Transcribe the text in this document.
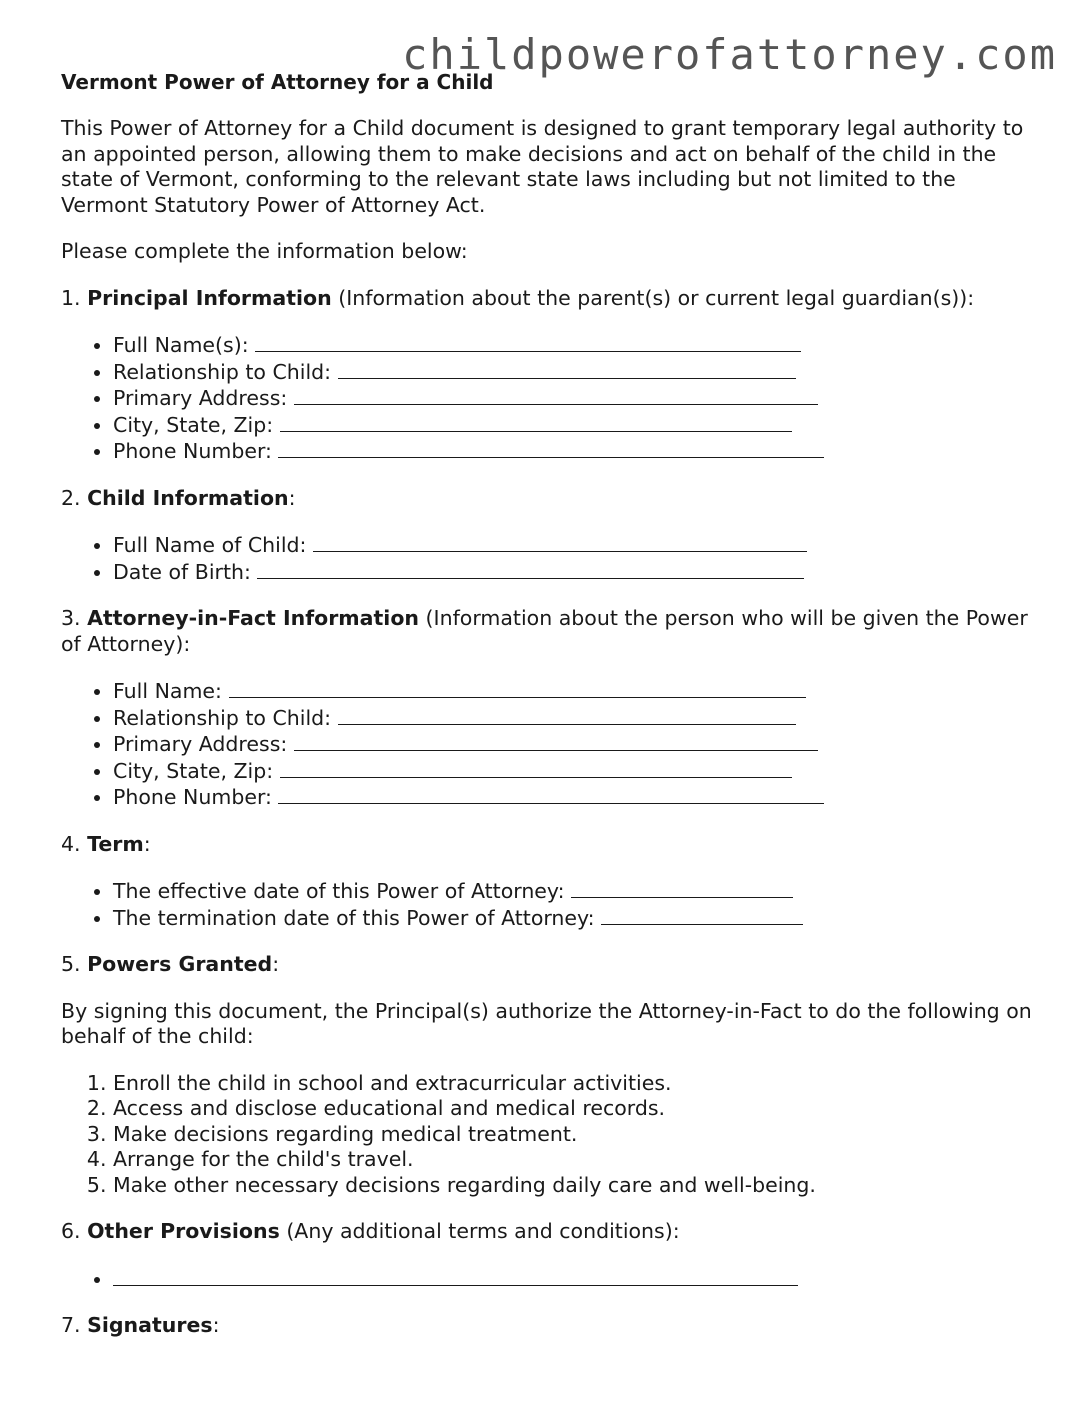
childpowerofattorney.com
Vermont Power of Attorney for a Child

This Power of Attorney for a Child document is designed to grant temporary legal authority to an appointed person, allowing them to make decisions and act on behalf of the child in the state of Vermont, conforming to the relevant state laws including but not limited to the Vermont Statutory Power of Attorney Act.

Please complete the information below:

1. Principal Information (Information about the parent(s) or current legal guardian(s)):
• Full Name(s):
• Relationship to Child:
• Primary Address:
• City, State, Zip:
• Phone Number:
2. Child Information:
• Full Name of Child:
• Date of Birth:
3. Attorney-in-Fact Information (Information about the person who will be given the Power of Attorney):
• Full Name:
• Relationship to Child:
• Primary Address:
• City, State, Zip:
• Phone Number:
4. Term:
• The effective date of this Power of Attorney:
• The termination date of this Power of Attorney:
5. Powers Granted:

By signing this document, the Principal(s) authorize the Attorney-in-Fact to do the following on behalf of the child:

1. Enroll the child in school and extracurricular activities.
2. Access and disclose educational and medical records.
3. Make decisions regarding medical treatment.
4. Arrange for the child's travel.
5. Make other necessary decisions regarding daily care and well-being.
6. Other Provisions (Any additional terms and conditions):
•
7. Signatures:
